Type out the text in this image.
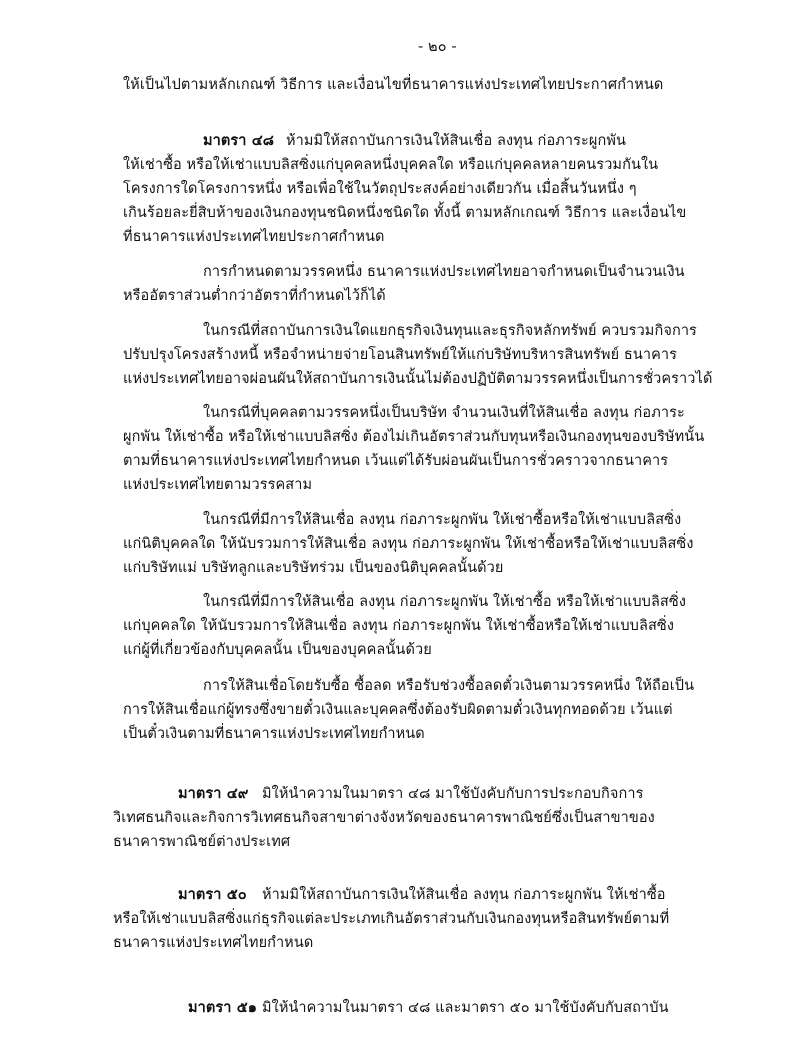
- ๒๐ -
ให้เป็นไปตามหลักเกณฑ์ วิธีการ และเงื่อนไขที่ธนาคารแห่งประเทศไทยประกาศกำหนด
มาตรา ๔๘ ห้ามมิให้สถาบันการเงินให้สินเชื่อ ลงทุน ก่อภาระผูกพัน
ให้เช่าซื้อ หรือให้เช่าแบบลิสซิ่งแก่บุคคลหนึ่งบุคคลใด หรือแก่บุคคลหลายคนรวมกันใน
โครงการใดโครงการหนึ่ง หรือเพื่อใช้ในวัตถุประสงค์อย่างเดียวกัน เมื่อสิ้นวันหนึ่ง ๆ
เกินร้อยละยี่สิบห้าของเงินกองทุนชนิดหนึ่งชนิดใด ทั้งนี้ ตามหลักเกณฑ์ วิธีการ และเงื่อนไข
ที่ธนาคารแห่งประเทศไทยประกาศกำหนด
การกำหนดตามวรรคหนึ่ง ธนาคารแห่งประเทศไทยอาจกำหนดเป็นจำนวนเงิน
หรืออัตราส่วนต่ำกว่าอัตราที่กำหนดไว้ก็ได้
ในกรณีที่สถาบันการเงินใดแยกธุรกิจเงินทุนและธุรกิจหลักทรัพย์ ควบรวมกิจการ
ปรับปรุงโครงสร้างหนี้ หรือจำหน่ายจ่ายโอนสินทรัพย์ให้แก่บริษัทบริหารสินทรัพย์ ธนาคาร
แห่งประเทศไทยอาจผ่อนผันให้สถาบันการเงินนั้นไม่ต้องปฏิบัติตามวรรคหนึ่งเป็นการชั่วคราวได้
ในกรณีที่บุคคลตามวรรคหนึ่งเป็นบริษัท จำนวนเงินที่ให้สินเชื่อ ลงทุน ก่อภาระ
ผูกพัน ให้เช่าซื้อ หรือให้เช่าแบบลิสซิ่ง ต้องไม่เกินอัตราส่วนกับทุนหรือเงินกองทุนของบริษัทนั้น
ตามที่ธนาคารแห่งประเทศไทยกำหนด เว้นแต่ได้รับผ่อนผันเป็นการชั่วคราวจากธนาคาร
แห่งประเทศไทยตามวรรคสาม
ในกรณีที่มีการให้สินเชื่อ ลงทุน ก่อภาระผูกพัน ให้เช่าซื้อหรือให้เช่าแบบลิสซิ่ง
แก่นิติบุคคลใด ให้นับรวมการให้สินเชื่อ ลงทุน ก่อภาระผูกพัน ให้เช่าซื้อหรือให้เช่าแบบลิสซิ่ง
แก่บริษัทแม่ บริษัทลูกและบริษัทร่วม เป็นของนิติบุคคลนั้นด้วย
ในกรณีที่มีการให้สินเชื่อ ลงทุน ก่อภาระผูกพัน ให้เช่าซื้อ หรือให้เช่าแบบลิสซิ่ง
แก่บุคคลใด ให้นับรวมการให้สินเชื่อ ลงทุน ก่อภาระผูกพัน ให้เช่าซื้อหรือให้เช่าแบบลิสซิ่ง
แก่ผู้ที่เกี่ยวข้องกับบุคคลนั้น เป็นของบุคคลนั้นด้วย
การให้สินเชื่อโดยรับซื้อ ซื้อลด หรือรับช่วงซื้อลดตั๋วเงินตามวรรคหนึ่ง ให้ถือเป็น
การให้สินเชื่อแก่ผู้ทรงซึ่งขายตั๋วเงินและบุคคลซึ่งต้องรับผิดตามตั๋วเงินทุกทอดด้วย เว้นแต่
เป็นตั๋วเงินตามที่ธนาคารแห่งประเทศไทยกำหนด
มาตรา ๔๙ มิให้นำความในมาตรา ๔๘ มาใช้บังคับกับการประกอบกิจการ
วิเทศธนกิจและกิจการวิเทศธนกิจสาขาต่างจังหวัดของธนาคารพาณิชย์ซึ่งเป็นสาขาของ
ธนาคารพาณิชย์ต่างประเทศ
มาตรา ๕๐ ห้ามมิให้สถาบันการเงินให้สินเชื่อ ลงทุน ก่อภาระผูกพัน ให้เช่าซื้อ
หรือให้เช่าแบบลิสซิ่งแก่ธุรกิจแต่ละประเภทเกินอัตราส่วนกับเงินกองทุนหรือสินทรัพย์ตามที่
ธนาคารแห่งประเทศไทยกำหนด
มาตรา ๕๑ มิให้นำความในมาตรา ๔๘ และมาตรา ๕๐ มาใช้บังคับกับสถาบัน
